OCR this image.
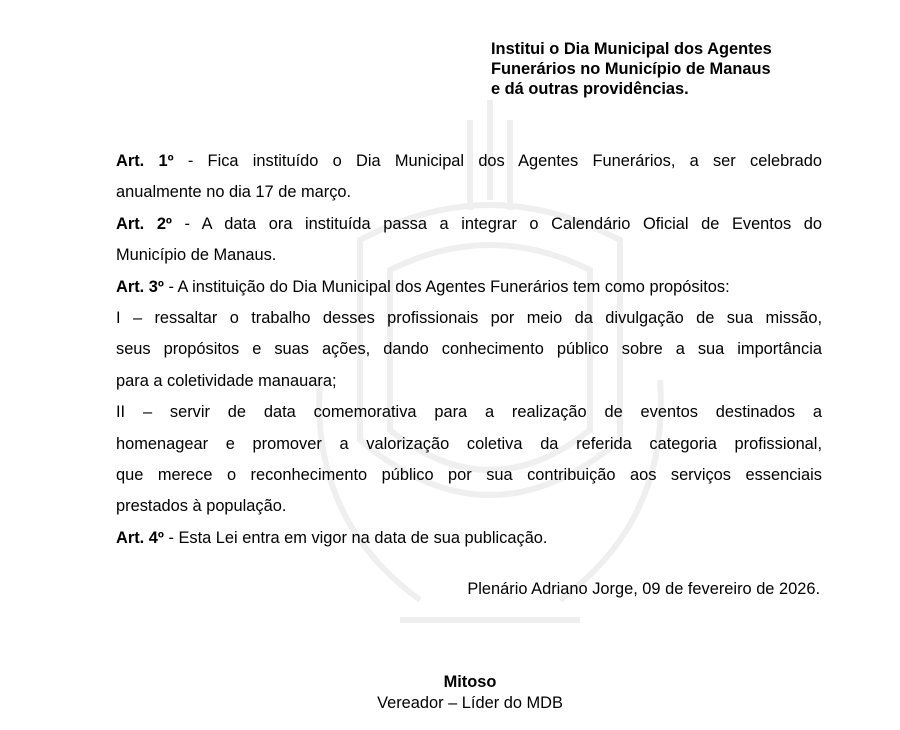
Institui o Dia Municipal dos Agentes
Funerários no Município de Manaus
e dá outras providências.
Art. 1º - Fica instituído o Dia Municipal dos Agentes Funerários, a ser celebrado
anualmente no dia 17 de março.
Art. 2º - A data ora instituída passa a integrar o Calendário Oficial de Eventos do
Município de Manaus.
Art. 3º - A instituição do Dia Municipal dos Agentes Funerários tem como propósitos:
I – ressaltar o trabalho desses profissionais por meio da divulgação de sua missão,
seus propósitos e suas ações, dando conhecimento público sobre a sua importância
para a coletividade manauara;
II – servir de data comemorativa para a realização de eventos destinados a
homenagear e promover a valorização coletiva da referida categoria profissional,
que merece o reconhecimento público por sua contribuição aos serviços essenciais
prestados à população.
Art. 4º - Esta Lei entra em vigor na data de sua publicação.
Plenário Adriano Jorge, 09 de fevereiro de 2026.
Mitoso
Vereador – Líder do MDB
